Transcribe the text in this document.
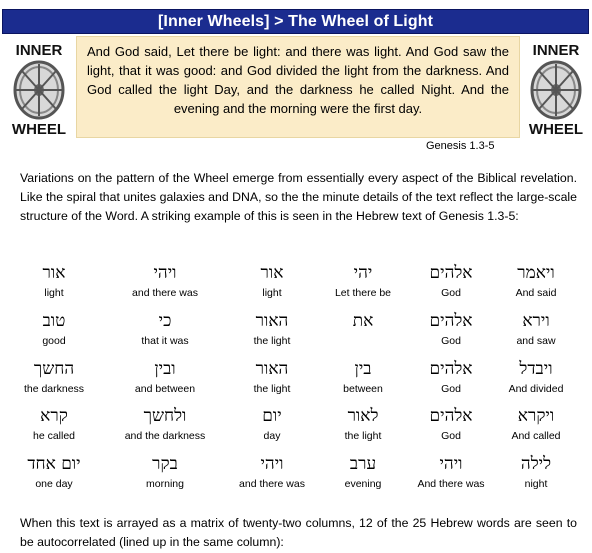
[Inner Wheels] > The Wheel of Light
INNER
WHEEL
And God said, Let there be light: and there was light. And God saw the light, that it was good: and God divided the light from the darkness. And God called the light Day, and the darkness he called Night. And the evening and the morning were the first day.
INNER
WHEEL
Genesis 1.3-5
Variations on the pattern of the Wheel emerge from essentially every aspect of the Biblical revelation. Like the spiral that unites galaxies and DNA, so the the minute details of the text reflect the large-scale structure of the Word. A striking example of this is seen in the Hebrew text of Genesis 1.3-5:
ויאמר
And said
אלהים
God
יהי
Let there be
אור
light
ויהי
and there was
אור
light
וירא
and saw
אלהים
God
את
האור
the light
כי
that it was
טוב
good
ויבדל
And divided
אלהים
God
בין
between
האור
the light
ובין
and between
החשך
the darkness
ויקרא
And called
אלהים
God
לאור
the light
יום
day
ולחשך
and the darkness
קרא
he called
לילה
night
ויהי
And there was
ערב
evening
ויהי
and there was
בקר
morning
יום אחד
one day
When this text is arrayed as a matrix of twenty-two columns, 12 of the 25 Hebrew words are seen to be autocorrelated (lined up in the same column):
